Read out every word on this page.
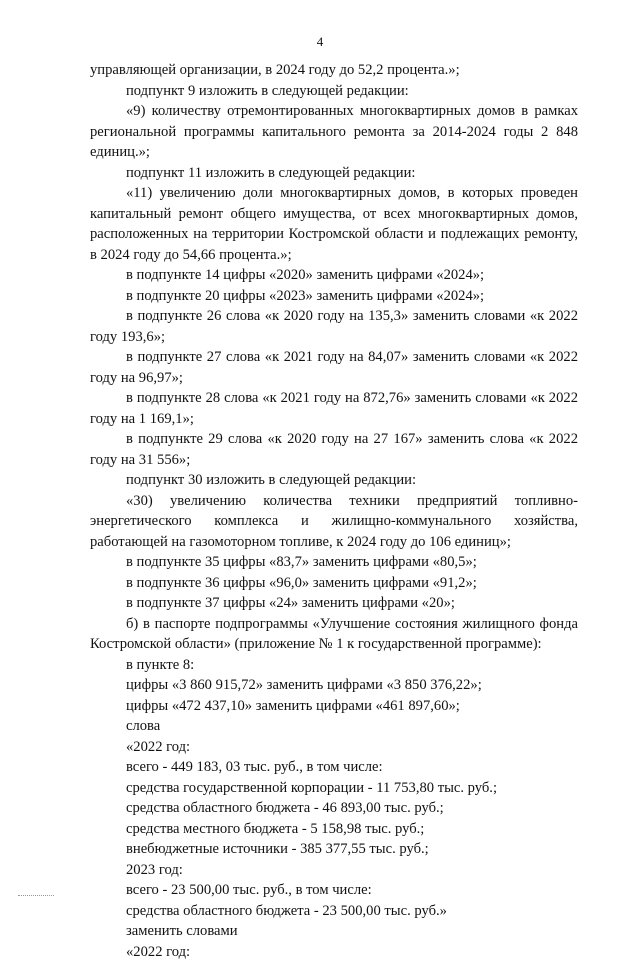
4

управляющей организации, в 2024 году до 52,2 процента.»;

подпункт 9 изложить в следующей редакции:

«9) количеству отремонтированных многоквартирных домов в рамках региональной программы капитального ремонта за 2014-2024 годы 2 848 единиц.»;

подпункт 11 изложить в следующей редакции:

«11) увеличению доли многоквартирных домов, в которых проведен капитальный ремонт общего имущества, от всех многоквартирных домов, расположенных на территории Костромской области и подлежащих ремонту, в 2024 году до 54,66 процента.»;

в подпункте 14 цифры «2020» заменить цифрами «2024»;

в подпункте 20 цифры «2023» заменить цифрами «2024»;

в подпункте 26 слова «к 2020 году на 135,3» заменить словами «к 2022 году 193,6»;

в подпункте 27 слова «к 2021 году на 84,07» заменить словами «к 2022 году на 96,97»;

в подпункте 28 слова «к 2021 году на 872,76» заменить словами «к 2022 году на 1 169,1»;

в подпункте 29 слова «к 2020 году на 27 167» заменить слова «к 2022 году на 31 556»;

подпункт 30 изложить в следующей редакции:

«30) увеличению количества техники предприятий топливно-энергетического комплекса и жилищно-коммунального хозяйства, работающей на газомоторном топливе, к 2024 году до 106 единиц»;

в подпункте 35 цифры «83,7» заменить цифрами «80,5»;

в подпункте 36 цифры «96,0» заменить цифрами «91,2»;

в подпункте 37 цифры «24» заменить цифрами «20»;

б) в паспорте подпрограммы «Улучшение состояния жилищного фонда Костромской области» (приложение № 1 к государственной программе):

в пункте 8:

цифры «3 860 915,72» заменить цифрами «3 850 376,22»;

цифры «472 437,10» заменить цифрами «461 897,60»;

слова

«2022 год:

всего - 449 183, 03 тыс. руб., в том числе:

средства государственной корпорации - 11 753,80 тыс. руб.;

средства областного бюджета - 46 893,00 тыс. руб.;

средства местного бюджета - 5 158,98 тыс. руб.;

внебюджетные источники - 385 377,55 тыс. руб.;

2023 год:

всего - 23 500,00 тыс. руб., в том числе:

средства областного бюджета - 23 500,00 тыс. руб.»

заменить словами

«2022 год:
